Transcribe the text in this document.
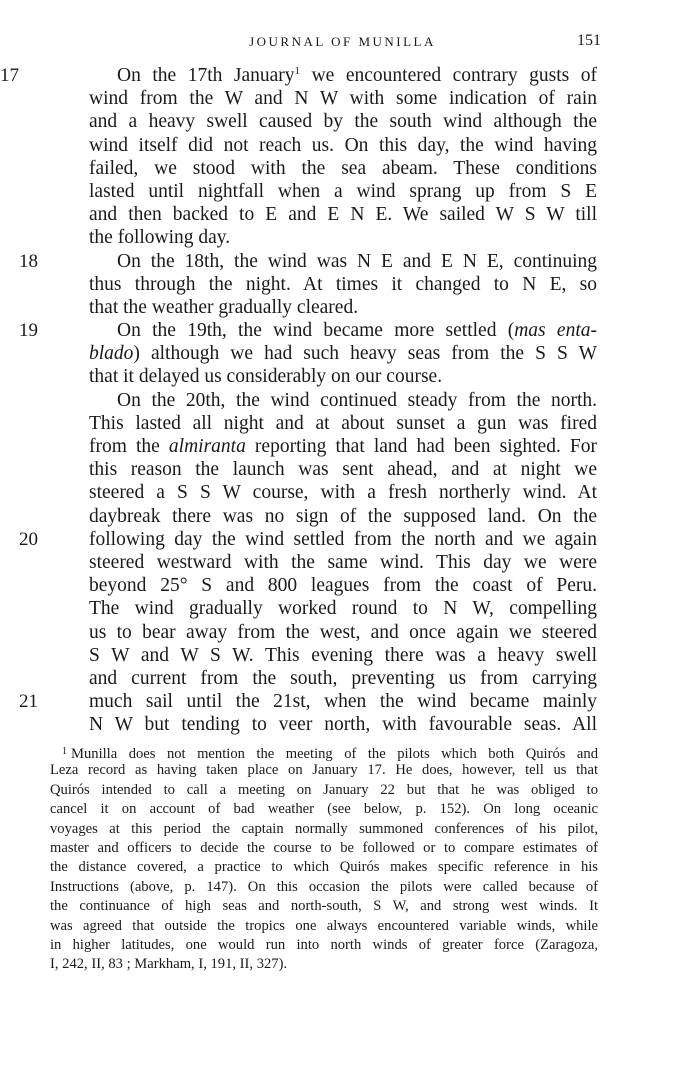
JOURNAL OF MUNILLA	151
17	On the 17th January$^1$ we encountered contrary gusts of
wind from the W and N W with some indication of rain
and a heavy swell caused by the south wind although the
wind itself did not reach us. On this day, the wind having
failed, we stood with the sea abeam. These conditions
lasted until nightfall when a wind sprang up from S E
and then backed to E and E N E. We sailed W S W till
the following day.
18	On the 18th, the wind was N E and E N E, continuing
thus through the night. At times it changed to N E, so
that the weather gradually cleared.
19	On the 19th, the wind became more settled (mas enta-
blado) although we had such heavy seas from the S S W
that it delayed us considerably on our course.
On the 20th, the wind continued steady from the north.
This lasted all night and at about sunset a gun was fired
from the almiranta reporting that land had been sighted. For
this reason the launch was sent ahead, and at night we
steered a S S W course, with a fresh northerly wind. At
daybreak there was no sign of the supposed land. On the
20	following day the wind settled from the north and we again
steered westward with the same wind. This day we were
beyond 25° S and 800 leagues from the coast of Peru.
The wind gradually worked round to N W, compelling
us to bear away from the west, and once again we steered
S W and W S W. This evening there was a heavy swell
and current from the south, preventing us from carrying
21	much sail until the 21st, when the wind became mainly
N W but tending to veer north, with favourable seas. All
$^1$ Munilla does not mention the meeting of the pilots which both Quirós and
Leza record as having taken place on January 17. He does, however, tell us that
Quirós intended to call a meeting on January 22 but that he was obliged to
cancel it on account of bad weather (see below, p. 152). On long oceanic
voyages at this period the captain normally summoned conferences of his pilot,
master and officers to decide the course to be followed or to compare estimates of
the distance covered, a practice to which Quirós makes specific reference in his
Instructions (above, p. 147). On this occasion the pilots were called because of
the continuance of high seas and north-south, S W, and strong west winds. It
was agreed that outside the tropics one always encountered variable winds, while
in higher latitudes, one would run into north winds of greater force (Zaragoza,
I, 242, II, 83 ; Markham, I, 191, II, 327).
